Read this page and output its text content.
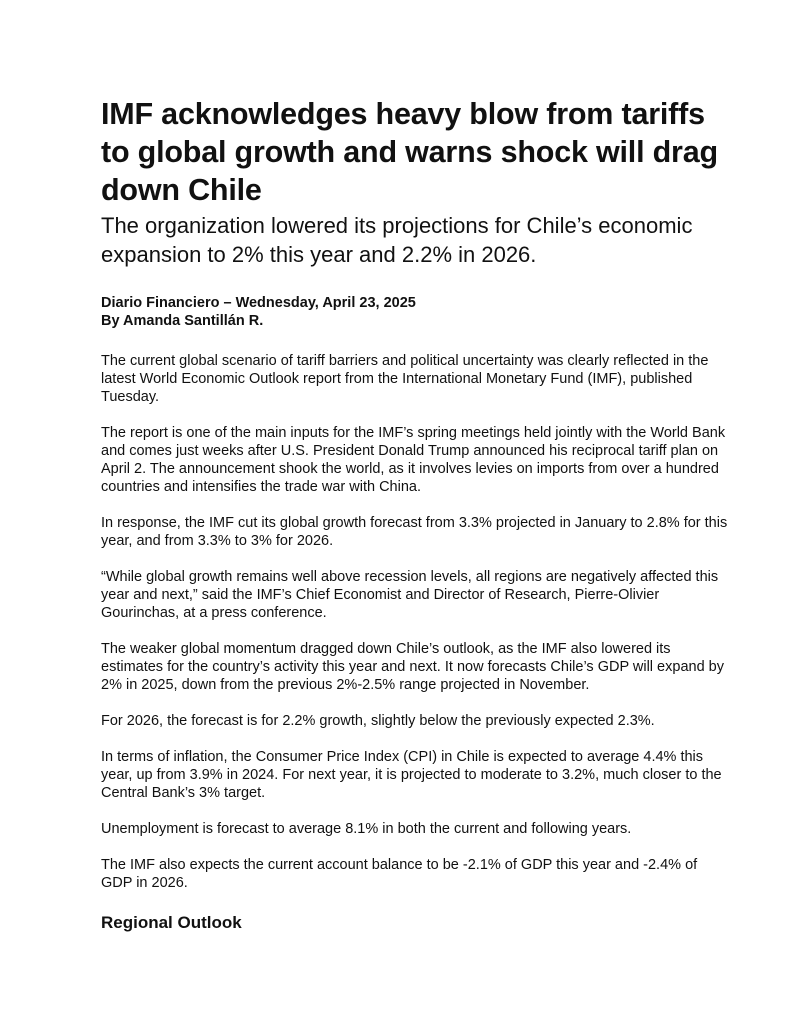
IMF acknowledges heavy blow from tariffs to global growth and warns shock will drag down Chile
The organization lowered its projections for Chile’s economic expansion to 2% this year and 2.2% in 2026.
Diario Financiero – Wednesday, April 23, 2025
By Amanda Santillán R.

The current global scenario of tariff barriers and political uncertainty was clearly reflected in the latest World Economic Outlook report from the International Monetary Fund (IMF), published Tuesday.

The report is one of the main inputs for the IMF’s spring meetings held jointly with the World Bank and comes just weeks after U.S. President Donald Trump announced his reciprocal tariff plan on April 2. The announcement shook the world, as it involves levies on imports from over a hundred countries and intensifies the trade war with China.

In response, the IMF cut its global growth forecast from 3.3% projected in January to 2.8% for this year, and from 3.3% to 3% for 2026.

“While global growth remains well above recession levels, all regions are negatively affected this year and next,” said the IMF’s Chief Economist and Director of Research, Pierre-Olivier Gourinchas, at a press conference.

The weaker global momentum dragged down Chile’s outlook, as the IMF also lowered its estimates for the country’s activity this year and next. It now forecasts Chile’s GDP will expand by 2% in 2025, down from the previous 2%-2.5% range projected in November.

For 2026, the forecast is for 2.2% growth, slightly below the previously expected 2.3%.

In terms of inflation, the Consumer Price Index (CPI) in Chile is expected to average 4.4% this year, up from 3.9% in 2024. For next year, it is projected to moderate to 3.2%, much closer to the Central Bank’s 3% target.

Unemployment is forecast to average 8.1% in both the current and following years.

The IMF also expects the current account balance to be -2.1% of GDP this year and -2.4% of GDP in 2026.

Regional Outlook
